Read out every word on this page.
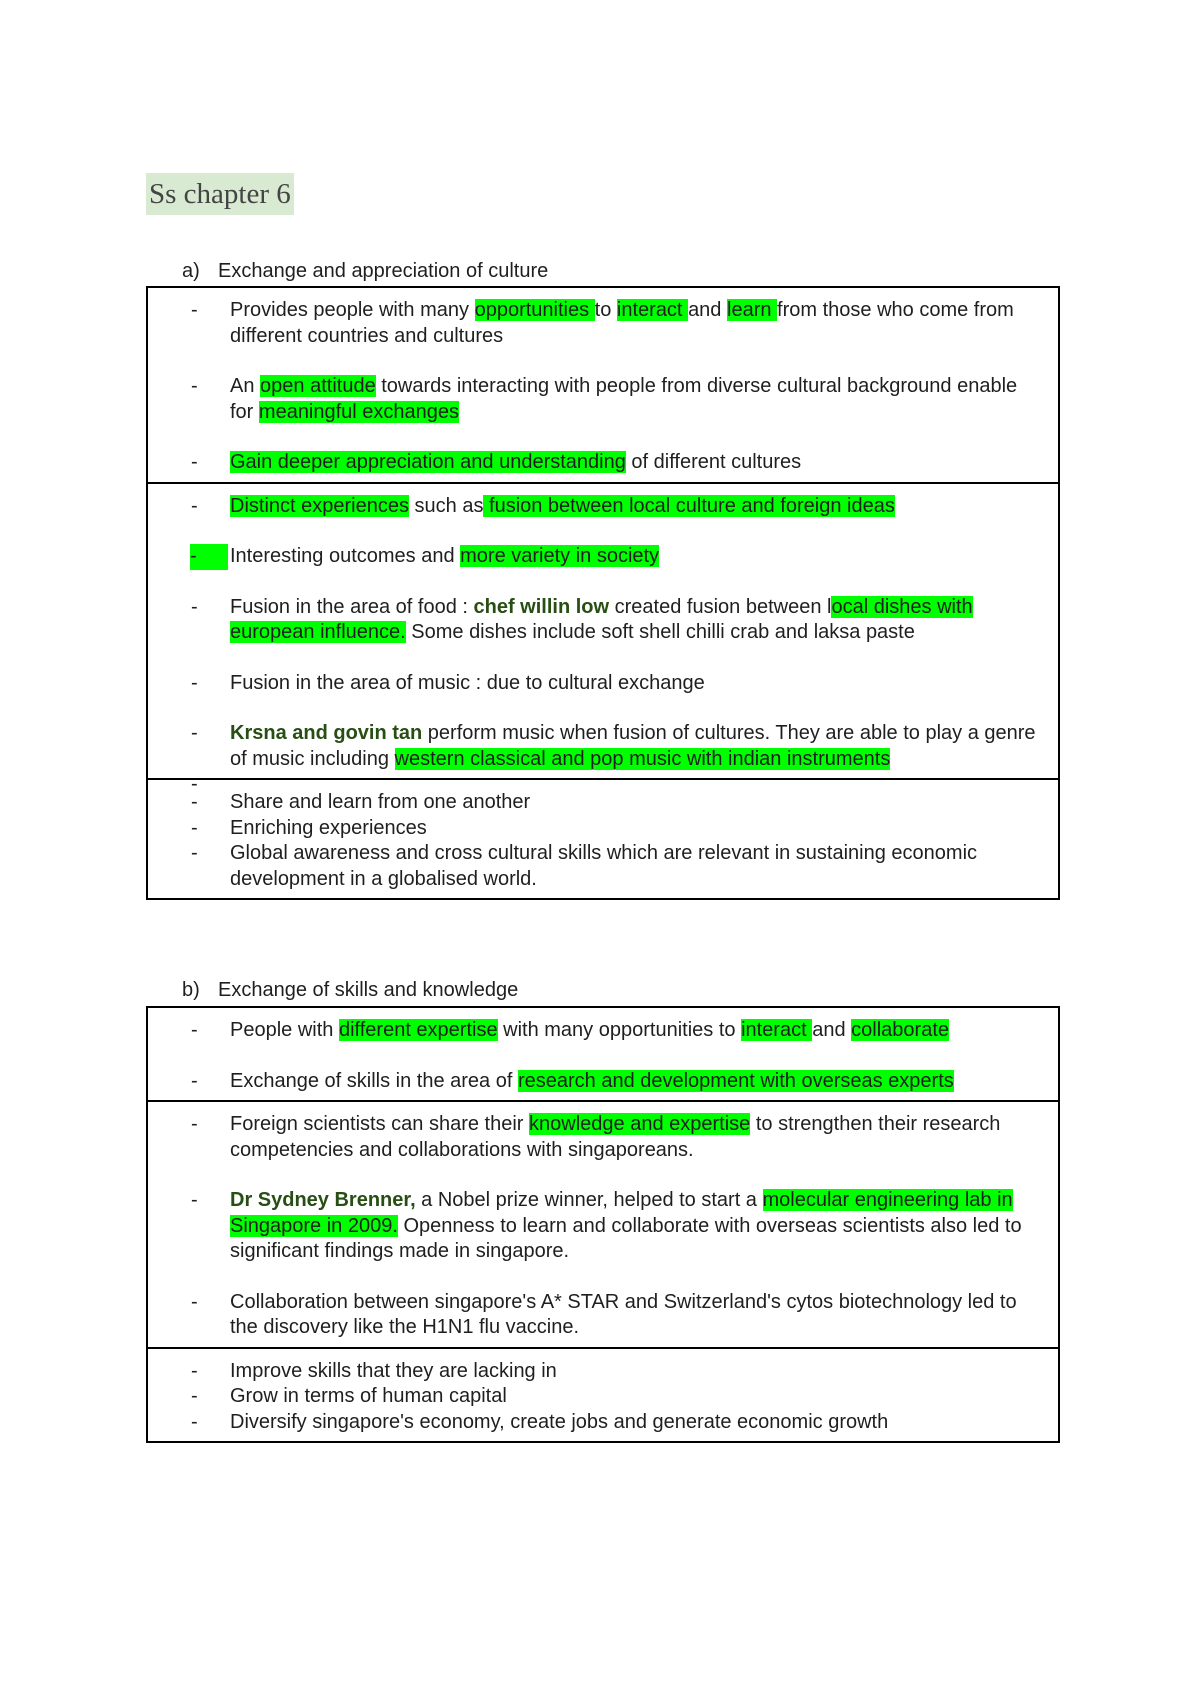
Ss chapter 6
a) Exchange and appreciation of culture
- Provides people with many opportunities to interact and learn from those who come from different countries and cultures
- An open attitude towards interacting with people from diverse cultural background enable for meaningful exchanges
- Gain deeper appreciation and understanding of different cultures
- Distinct experiences such as fusion between local culture and foreign ideas
-	Interesting outcomes and more variety in society
- Fusion in the area of food : chef willin low created fusion between local dishes with european influence. Some dishes include soft shell chilli crab and laksa paste
- Fusion in the area of music : due to cultural exchange
- Krsna and govin tan perform music when fusion of cultures. They are able to play a genre of music including western classical and pop music with indian instruments
-
- Share and learn from one another
- Enriching experiences
- Global awareness and cross cultural skills which are relevant in sustaining economic development in a globalised world.
b) Exchange of skills and knowledge
- People with different expertise with many opportunities to interact and collaborate
- Exchange of skills in the area of research and development with overseas experts
- Foreign scientists can share their knowledge and expertise to strengthen their research competencies and collaborations with singaporeans.
- Dr Sydney Brenner, a Nobel prize winner, helped to start a molecular engineering lab in Singapore in 2009. Openness to learn and collaborate with overseas scientists also led to significant findings made in singapore.
- Collaboration between singapore's A* STAR and Switzerland's cytos biotechnology led to the discovery like the H1N1 flu vaccine.
- Improve skills that they are lacking in
- Grow in terms of human capital
- Diversify singapore's economy, create jobs and generate economic growth
